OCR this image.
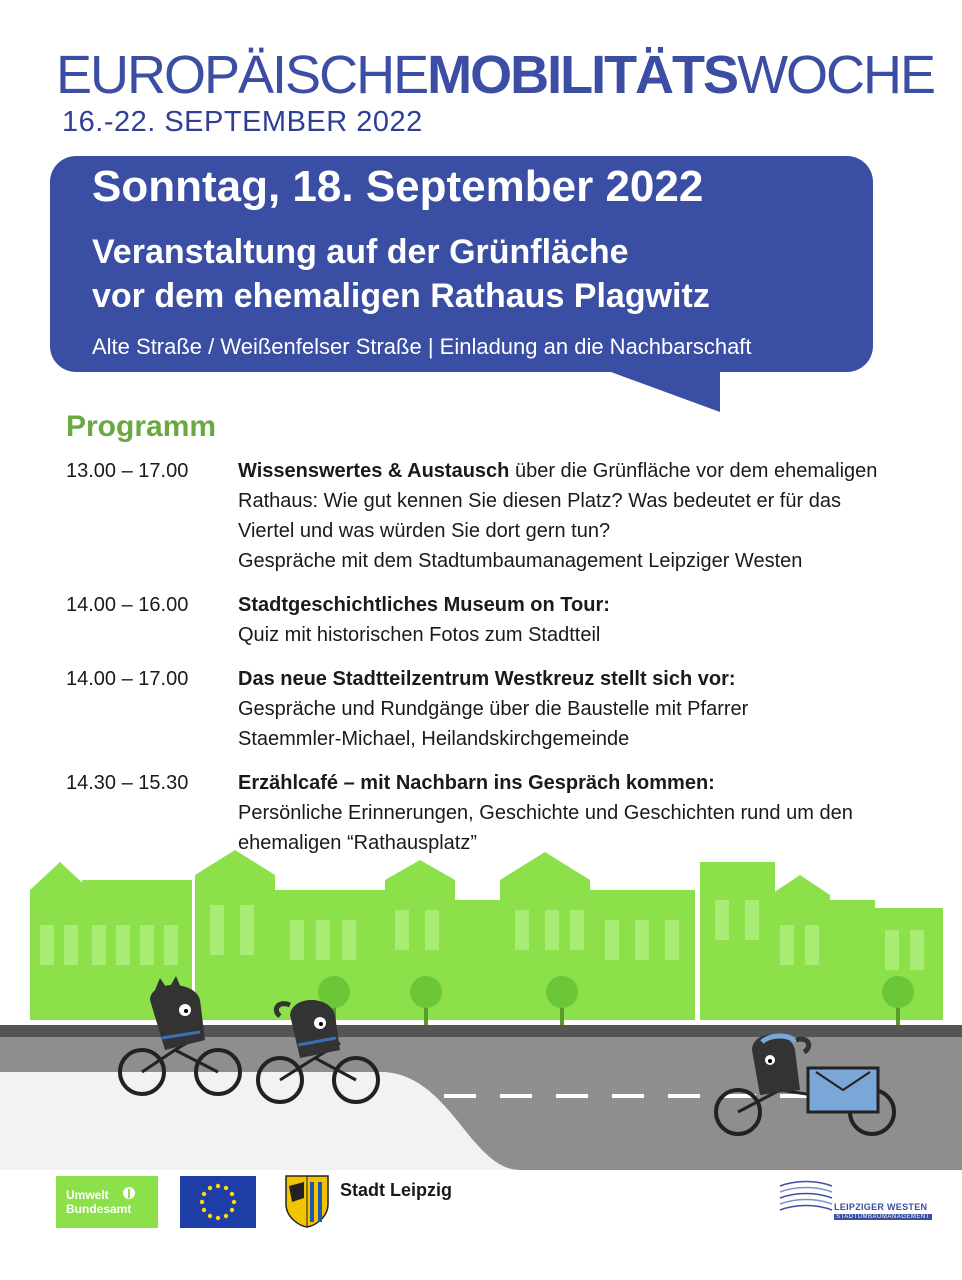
EUROPÄISCHEMOBILITÄTSWOCHE
16.-22. SEPTEMBER 2022
Sonntag, 18. September 2022
Veranstaltung auf der Grünfläche
vor dem ehemaligen Rathaus Plagwitz
Alte Straße / Weißenfelser Straße | Einladung an die Nachbarschaft
Programm
13.00 – 17.00 Wissenswertes & Austausch über die Grünfläche vor dem ehemaligen Rathaus: Wie gut kennen Sie diesen Platz? Was bedeutet er für das Viertel und was würden Sie dort gern tun?
Gespräche mit dem Stadtumbaumanagement Leipziger Westen
14.00 – 16.00 Stadtgeschichtliches Museum on Tour:
Quiz mit historischen Fotos zum Stadtteil
14.00 – 17.00 Das neue Stadtteilzentrum Westkreuz stellt sich vor:
Gespräche und Rundgänge über die Baustelle mit Pfarrer Staemmler-Michael, Heilandskirchgemeinde
14.30 – 15.30 Erzählcafé – mit Nachbarn ins Gespräch kommen:
Persönliche Erinnerungen, Geschichte und Geschichten rund um den ehemaligen “Rathausplatz”
Umwelt
Bundesamt
Stadt Leipzig
LEIPZIGER WESTEN
STADTUMBAUMANAGEMENT
